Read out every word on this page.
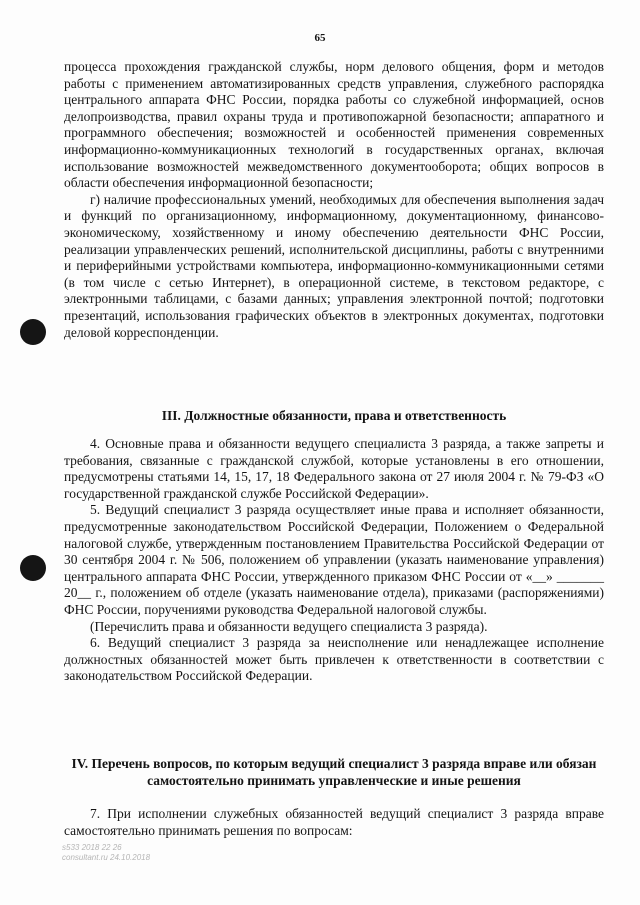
65

процесса прохождения гражданской службы, норм делового общения, форм и методов работы с применением автоматизированных средств управления, служебного распорядка центрального аппарата ФНС России, порядка работы со служебной информацией, основ делопроизводства, правил охраны труда и противопожарной безопасности; аппаратного и программного обеспечения; возможностей и особенностей применения современных информационно-коммуникационных технологий в государственных органах, включая использование возможностей межведомственного документооборота; общих вопросов в области обеспечения информационной безопасности;

г) наличие профессиональных умений, необходимых для обеспечения выполнения задач и функций по организационному, информационному, документационному, финансово-экономическому, хозяйственному и иному обеспечению деятельности ФНС России, реализации управленческих решений, исполнительской дисциплины, работы с внутренними и периферийными устройствами компьютера, информационно-коммуникационными сетями (в том числе с сетью Интернет), в операционной системе, в текстовом редакторе, с электронными таблицами, с базами данных; управления электронной почтой; подготовки презентаций, использования графических объектов в электронных документах, подготовки деловой корреспонденции.

III. Должностные обязанности, права и ответственность

4. Основные права и обязанности ведущего специалиста 3 разряда, а также запреты и требования, связанные с гражданской службой, которые установлены в его отношении, предусмотрены статьями 14, 15, 17, 18 Федерального закона от 27 июля 2004 г. № 79-ФЗ «О государственной гражданской службе Российской Федерации».

5. Ведущий специалист 3 разряда осуществляет иные права и исполняет обязанности, предусмотренные законодательством Российской Федерации, Положением о Федеральной налоговой службе, утвержденным постановлением Правительства Российской Федерации от 30 сентября 2004 г. № 506, положением об управлении (указать наименование управления) центрального аппарата ФНС России, утвержденного приказом ФНС России от «__» _______ 20__ г., положением об отделе (указать наименование отдела), приказами (распоряжениями) ФНС России, поручениями руководства Федеральной налоговой службы.

(Перечислить права и обязанности ведущего специалиста 3 разряда).

6. Ведущий специалист 3 разряда за неисполнение или ненадлежащее исполнение должностных обязанностей может быть привлечен к ответственности в соответствии с законодательством Российской Федерации.

IV. Перечень вопросов, по которым ведущий специалист 3 разряда вправе или обязан самостоятельно принимать управленческие и иные решения

7. При исполнении служебных обязанностей ведущий специалист 3 разряда вправе самостоятельно принимать решения по вопросам:

s533 2018 22 26
consultant.ru 24.10.2018
